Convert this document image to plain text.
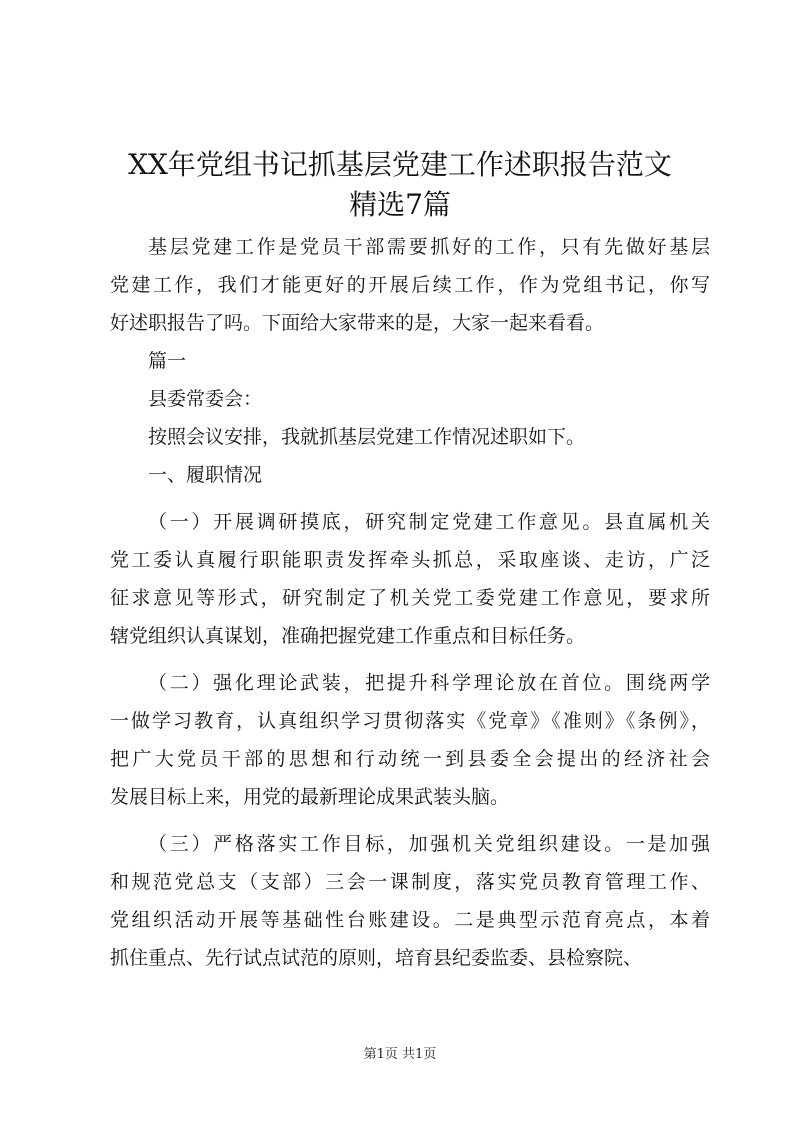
XX年党组书记抓基层党建工作述职报告范文
精选7篇
基层党建工作是党员干部需要抓好的工作，只有先做好基层
党建工作，我们才能更好的开展后续工作，作为党组书记，你写
好述职报告了吗。下面给大家带来的是，大家一起来看看。
篇一
县委常委会：
按照会议安排，我就抓基层党建工作情况述职如下。
一、履职情况
（一）开展调研摸底，研究制定党建工作意见。县直属机关
党工委认真履行职能职责发挥牵头抓总，采取座谈、走访，广泛
征求意见等形式，研究制定了机关党工委党建工作意见，要求所
辖党组织认真谋划，准确把握党建工作重点和目标任务。
（二）强化理论武装，把提升科学理论放在首位。围绕两学
一做学习教育，认真组织学习贯彻落实《党章》《准则》《条例》，
把广大党员干部的思想和行动统一到县委全会提出的经济社会
发展目标上来，用党的最新理论成果武装头脑。
（三）严格落实工作目标，加强机关党组织建设。一是加强
和规范党总支（支部）三会一课制度，落实党员教育管理工作、
党组织活动开展等基础性台账建设。二是典型示范育亮点，本着
抓住重点、先行试点试范的原则，培育县纪委监委、县检察院、
第1页 共1页
